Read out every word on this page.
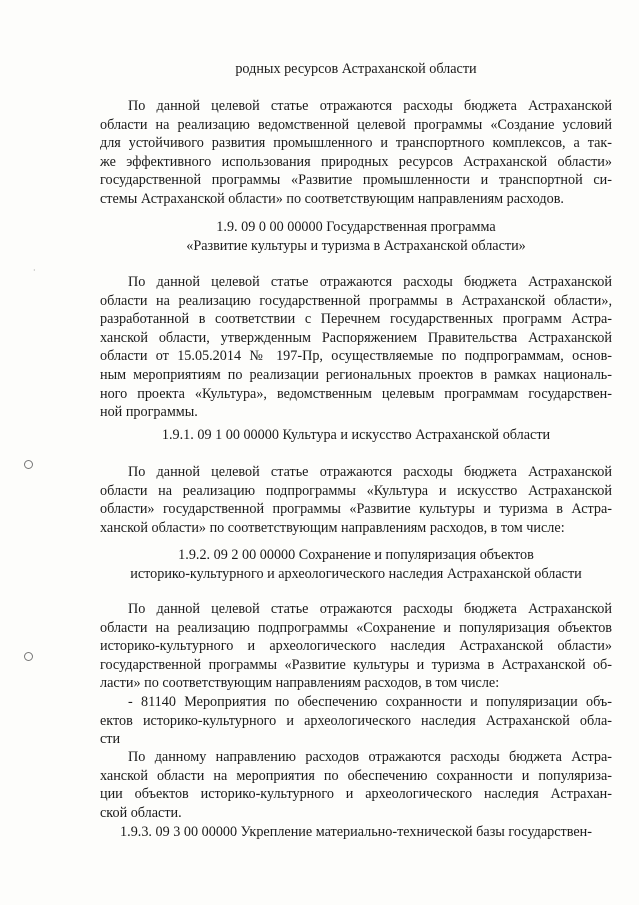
родных ресурсов Астраханской области
По данной целевой статье отражаются расходы бюджета Астраханской
области на реализацию ведомственной целевой программы «Создание условий
для устойчивого развития промышленного и транспортного комплексов, а так-
же эффективного использования природных ресурсов Астраханской области»
государственной программы «Развитие промышленности и транспортной си-
стемы Астраханской области» по соответствующим направлениям расходов.
1.9. 09 0 00 00000 Государственная программа
«Развитие культуры и туризма в Астраханской области»
По данной целевой статье отражаются расходы бюджета Астраханской
области на реализацию государственной программы в Астраханской области»,
разработанной в соответствии с Перечнем государственных программ Астра-
ханской области, утвержденным Распоряжением Правительства Астраханской
области от 15.05.2014 № 197-Пр, осуществляемые по подпрограммам, основ-
ным мероприятиям по реализации региональных проектов в рамках националь-
ного проекта «Культура», ведомственным целевым программам государствен-
ной программы.
1.9.1. 09 1 00 00000 Культура и искусство Астраханской области
По данной целевой статье отражаются расходы бюджета Астраханской
области на реализацию подпрограммы «Культура и искусство Астраханской
области» государственной программы «Развитие культуры и туризма в Астра-
ханской области» по соответствующим направлениям расходов, в том числе:
1.9.2. 09 2 00 00000 Сохранение и популяризация объектов
историко-культурного и археологического наследия Астраханской области
По данной целевой статье отражаются расходы бюджета Астраханской
области на реализацию подпрограммы «Сохранение и популяризация объектов
историко-культурного и археологического наследия Астраханской области»
государственной программы «Развитие культуры и туризма в Астраханской об-
ласти» по соответствующим направлениям расходов, в том числе:
- 81140 Мероприятия по обеспечению сохранности и популяризации объ-
ектов историко-культурного и археологического наследия Астраханской обла-
сти
По данному направлению расходов отражаются расходы бюджета Астра-
ханской области на мероприятия по обеспечению сохранности и популяриза-
ции объектов историко-культурного и археологического наследия Астрахан-
ской области.
1.9.3. 09 3 00 00000 Укрепление материально-технической базы государствен-
·
